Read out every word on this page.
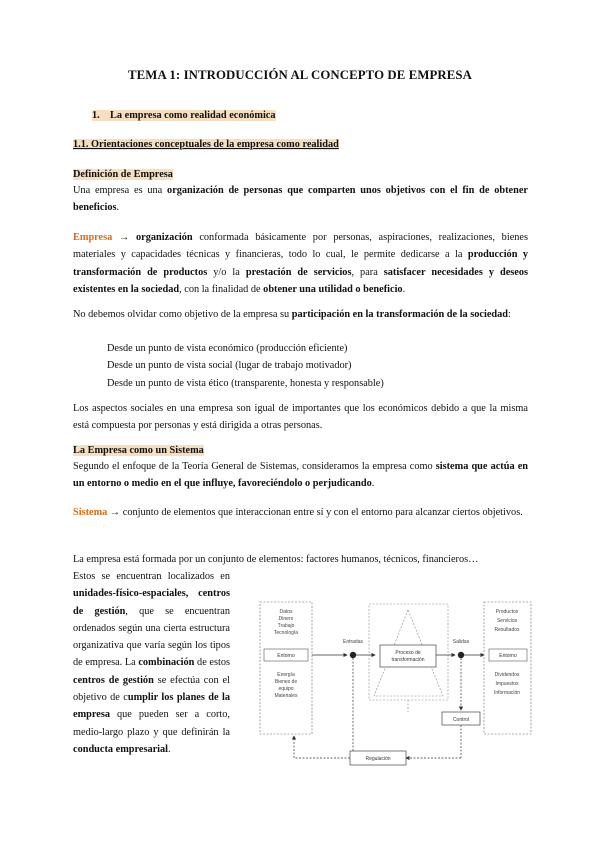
TEMA 1: INTRODUCCIÓN AL CONCEPTO DE EMPRESA
1. La empresa como realidad económica
1.1. Orientaciones conceptuales de la empresa como realidad
Definición de Empresa
Una empresa es una organización de personas que comparten unos objetivos con el fin de obtener beneficios.
Empresa → organización conformada básicamente por personas, aspiraciones, realizaciones, bienes materiales y capacidades técnicas y financieras, todo lo cual, le permite dedicarse a la producción y transformación de productos y/o la prestación de servicios, para satisfacer necesidades y deseos existentes en la sociedad, con la finalidad de obtener una utilidad o beneficio.
No debemos olvidar como objetivo de la empresa su participación en la transformación de la sociedad:
Desde un punto de vista económico (producción eficiente)
Desde un punto de vista social (lugar de trabajo motivador)
Desde un punto de vista ético (transparente, honesta y responsable)
Los aspectos sociales en una empresa son igual de importantes que los económicos debido a que la misma está compuesta por personas y está dirigida a otras personas.
La Empresa como un Sistema
Segundo el enfoque de la Teoría General de Sistemas, consideramos la empresa como sistema que actúa en un entorno o medio en el que influye, favoreciéndolo o perjudicando.
Sistema → conjunto de elementos que interaccionan entre sí y con el entorno para alcanzar ciertos objetivos.
La empresa está formada por un conjunto de elementos: factores humanos, técnicos, financieros…
Estos se encuentran localizados en unidades-físico-espaciales, centros de gestión, que se encuentran ordenados según una cierta estructura organizativa que varía según los tipos de empresa. La combinación de estos centros de gestión se efectúa con el objetivo de cumplir los planes de la empresa que pueden ser a corto, medio-largo plazo y que definirán la conducta empresarial.
Datos
Dinero
Trabajo
Tecnología
Entorno
Energía
Bienes de
equipo
Materiales
Entradas
Proceso de
transformación
Salidas
Productos
Servicios
Resultados
Entorno
Dividendos
Impuestos
Información
Control
Regulación
